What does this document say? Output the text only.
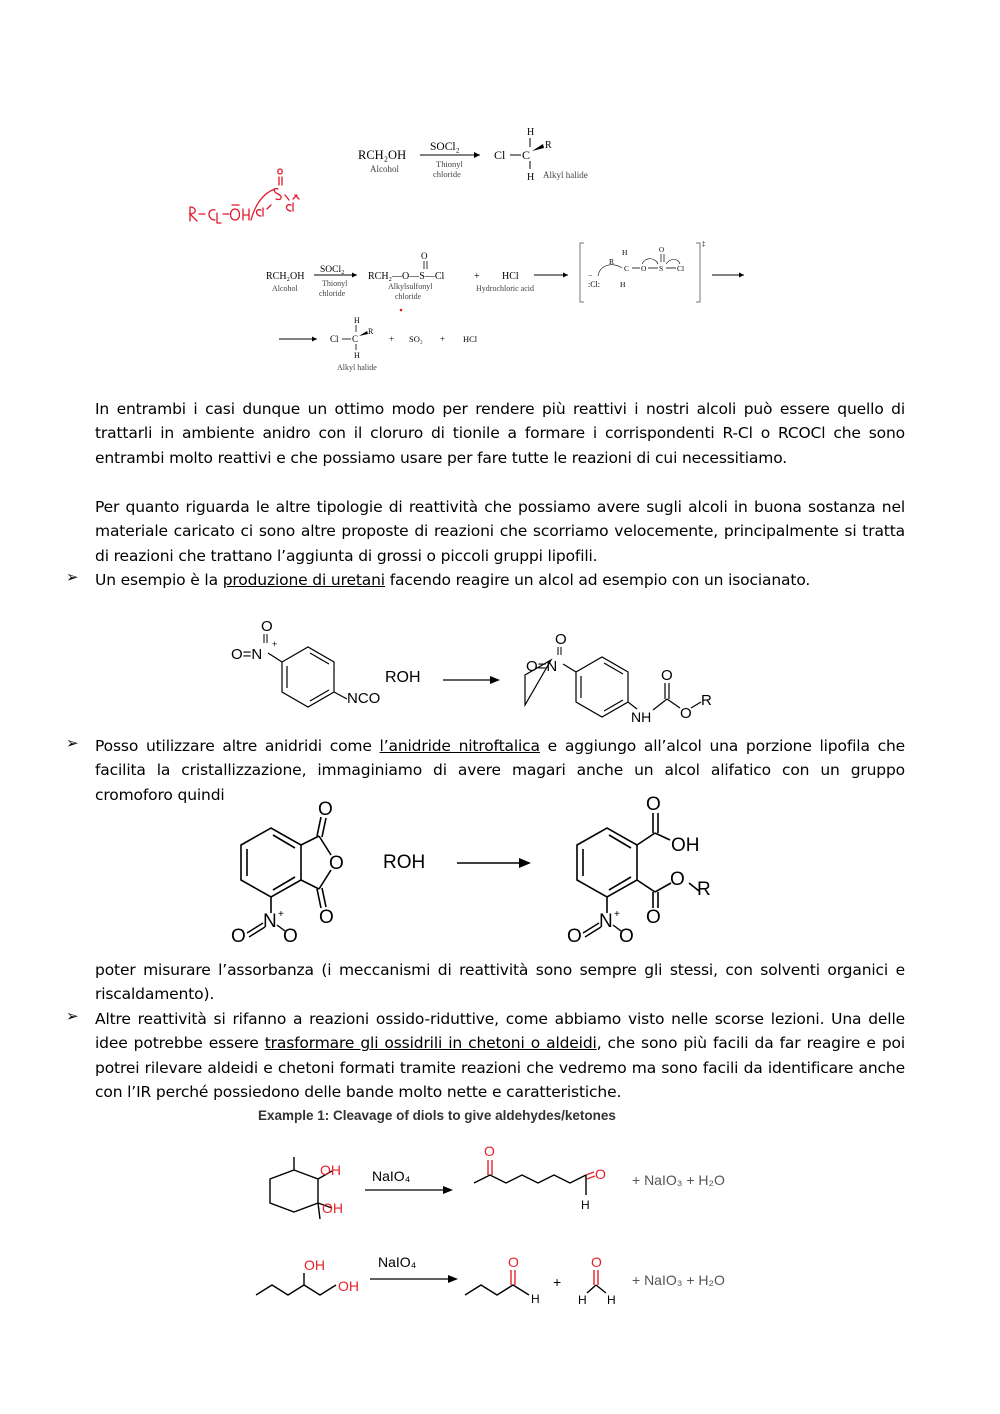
RCH₂OH
Alcohol
SOCl₂
Thionyl
chloride
Cl C
H
R
H Alkyl halide
R–CH₂–ŌH Cl–S(=O)–Cl
RCH₂OH
Alcohol
SOCl₂
Thionyl
chloride
RCH₂—O—S—Cl
O
Alkylsulfonyl
chloride
+ HCl
Hydrochloric acid
‡
−
:Cl:
H
R
C
H
O S
O
Cl
Cl C
H
R
H
Alkyl halide
+ SO₂ + HCl
In entrambi i casi dunque un ottimo modo per rendere più reattivi i nostri alcoli può essere quello di trattarli in ambiente anidro con il cloruro di tionile a formare i corrispondenti R-Cl o RCOCl che sono entrambi molto reattivi e che possiamo usare per fare tutte le reazioni di cui necessitiamo.
Per quanto riguarda le altre tipologie di reattività che possiamo avere sugli alcoli in buona sostanza nel materiale caricato ci sono altre proposte di reazioni che scorriamo velocemente, principalmente si tratta di reazioni che trattano l’aggiunta di grossi o piccoli gruppi lipofili.
➢ Un esempio è la produzione di uretani facendo reagire un alcol ad esempio con un isocianato.
O
O=N
+
NCO
ROH
O
O=N
NH
O
O
R
➢ Posso utilizzare altre anidridi come l’anidride nitroftalica e aggiungo all’alcol una porzione lipofila che facilita la cristallizzazione, immaginiamo di avere magari anche un alcol alifatico con un gruppo cromoforo quindi
O
O
O
N +
O O
ROH
O
OH
O R
O
N +
O O
poter misurare l’assorbanza (i meccanismi di reattività sono sempre gli stessi, con solventi organici e riscaldamento).
➢ Altre reattività si rifanno a reazioni ossido-riduttive, come abbiamo visto nelle scorse lezioni. Una delle idee potrebbe essere trasformare gli ossidrili in chetoni o aldeidi, che sono più facili da far reagire e poi potrei rilevare aldeidi e chetoni formati tramite reazioni che vedremo ma sono facili da identificare anche con l’IR perché possiedono delle bande molto nette e caratteristiche.
Example 1: Cleavage of diols to give aldehydes/ketones
OH
OH
NaIO₄
O
O
H
+ NaIO₃ + H₂O
OH
OH
NaIO₄	O
H
+
O
H H
+ NaIO₃ + H₂O
